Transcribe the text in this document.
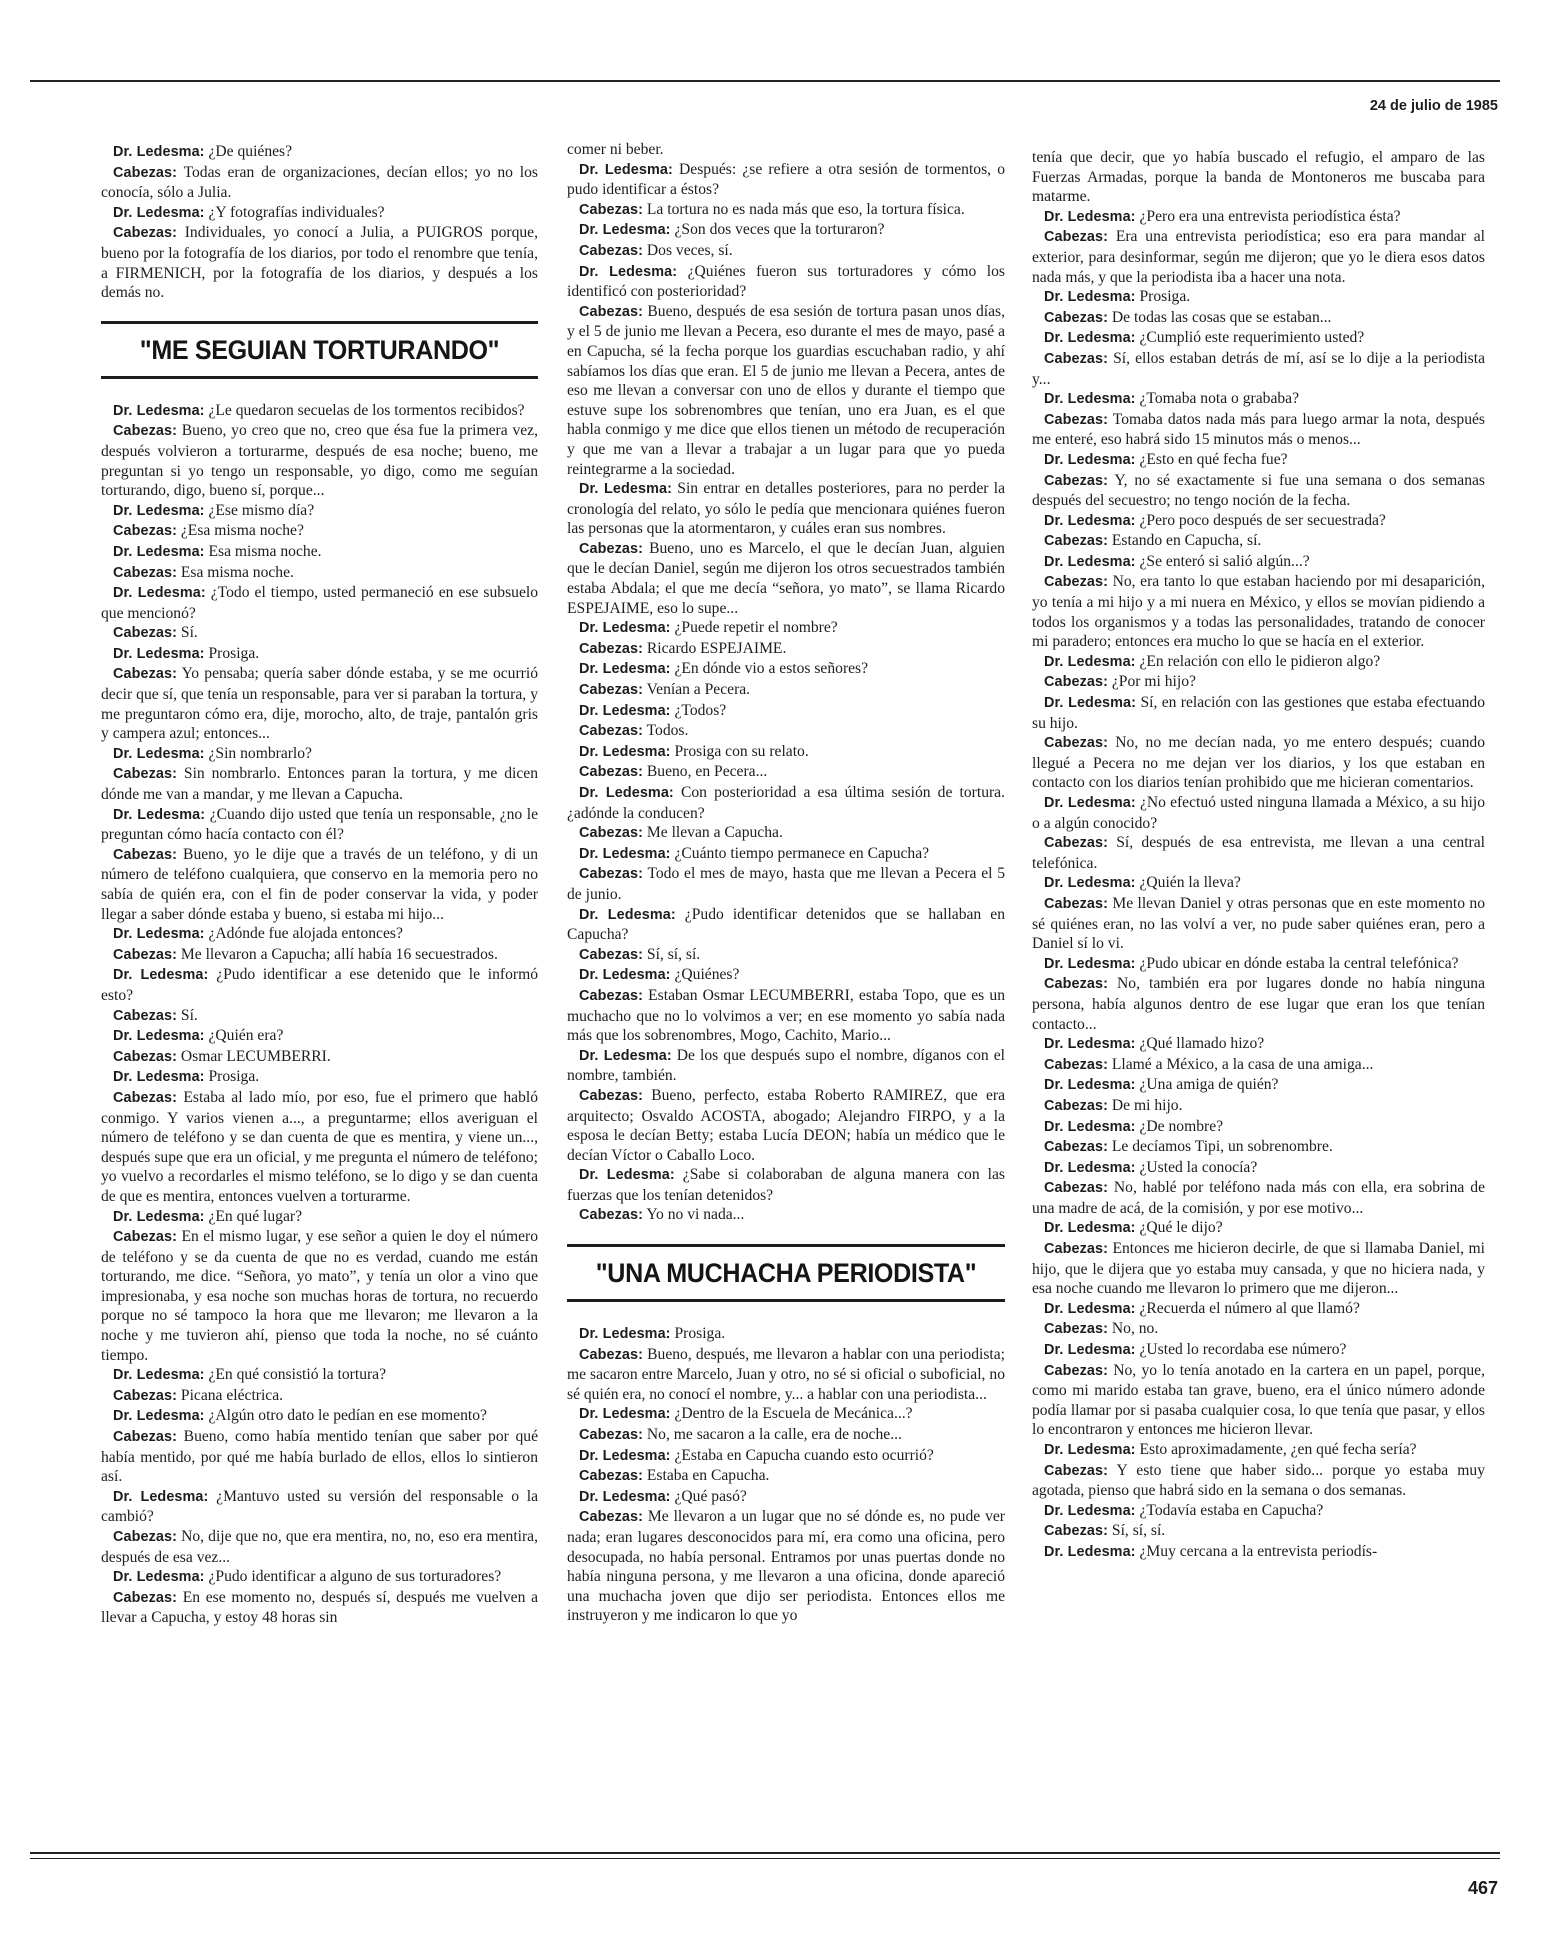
24 de julio de 1985

Dr. Ledesma: ¿De quiénes?

Cabezas: Todas eran de organizaciones, decían ellos; yo no los conocía, sólo a Julia.

Dr. Ledesma: ¿Y fotografías individuales?

Cabezas: Individuales, yo conocí a Julia, a PUIGROS porque, bueno por la fotografía de los diarios, por todo el renombre que tenía, a FIRMENICH, por la fotografía de los diarios, y después a los demás no.

"ME SEGUIAN TORTURANDO"

Dr. Ledesma: ¿Le quedaron secuelas de los tormentos recibidos?

Cabezas: Bueno, yo creo que no, creo que ésa fue la primera vez, después volvieron a torturarme, después de esa noche; bueno, me preguntan si yo tengo un responsable, yo digo, como me seguían torturando, digo, bueno sí, porque...

Dr. Ledesma: ¿Ese mismo día?

Cabezas: ¿Esa misma noche?

Dr. Ledesma: Esa misma noche.

Cabezas: Esa misma noche.

Dr. Ledesma: ¿Todo el tiempo, usted permaneció en ese subsuelo que mencionó?

Cabezas: Sí.

Dr. Ledesma: Prosiga.

Cabezas: Yo pensaba; quería saber dónde estaba, y se me ocurrió decir que sí, que tenía un responsable, para ver si paraban la tortura, y me preguntaron cómo era, dije, morocho, alto, de traje, pantalón gris y campera azul; entonces...

Dr. Ledesma: ¿Sin nombrarlo?

Cabezas: Sin nombrarlo. Entonces paran la tortura, y me dicen dónde me van a mandar, y me llevan a Capucha.

Dr. Ledesma: ¿Cuando dijo usted que tenía un responsable, ¿no le preguntan cómo hacía contacto con él?

Cabezas: Bueno, yo le dije que a través de un teléfono, y di un número de teléfono cualquiera, que conservo en la memoria pero no sabía de quién era, con el fin de poder conservar la vida, y poder llegar a saber dónde estaba y bueno, si estaba mi hijo...

Dr. Ledesma: ¿Adónde fue alojada entonces?

Cabezas: Me llevaron a Capucha; allí había 16 secuestrados.

Dr. Ledesma: ¿Pudo identificar a ese detenido que le informó esto?

Cabezas: Sí.

Dr. Ledesma: ¿Quién era?

Cabezas: Osmar LECUMBERRI.

Dr. Ledesma: Prosiga.

Cabezas: Estaba al lado mío, por eso, fue el primero que habló conmigo. Y varios vienen a..., a preguntarme; ellos averiguan el número de teléfono y se dan cuenta de que es mentira, y viene un..., después supe que era un oficial, y me pregunta el número de teléfono; yo vuelvo a recordarles el mismo teléfono, se lo digo y se dan cuenta de que es mentira, entonces vuelven a torturarme.

Dr. Ledesma: ¿En qué lugar?

Cabezas: En el mismo lugar, y ese señor a quien le doy el número de teléfono y se da cuenta de que no es verdad, cuando me están torturando, me dice. “Señora, yo mato”, y tenía un olor a vino que impresionaba, y esa noche son muchas horas de tortura, no recuerdo porque no sé tampoco la hora que me llevaron; me llevaron a la noche y me tuvieron ahí, pienso que toda la noche, no sé cuánto tiempo.

Dr. Ledesma: ¿En qué consistió la tortura?

Cabezas: Picana eléctrica.

Dr. Ledesma: ¿Algún otro dato le pedían en ese momento?

Cabezas: Bueno, como había mentido tenían que saber por qué había mentido, por qué me había burlado de ellos, ellos lo sintieron así.

Dr. Ledesma: ¿Mantuvo usted su versión del responsable o la cambió?

Cabezas: No, dije que no, que era mentira, no, no, eso era mentira, después de esa vez...

Dr. Ledesma: ¿Pudo identificar a alguno de sus torturadores?

Cabezas: En ese momento no, después sí, después me vuelven a llevar a Capucha, y estoy 48 horas sin

comer ni beber.

Dr. Ledesma: Después: ¿se refiere a otra sesión de tormentos, o pudo identificar a éstos?

Cabezas: La tortura no es nada más que eso, la tortura física.

Dr. Ledesma: ¿Son dos veces que la torturaron?

Cabezas: Dos veces, sí.

Dr. Ledesma: ¿Quiénes fueron sus torturadores y cómo los identificó con posterioridad?

Cabezas: Bueno, después de esa sesión de tortura pasan unos días, y el 5 de junio me llevan a Pecera, eso durante el mes de mayo, pasé a en Capucha, sé la fecha porque los guardias escuchaban radio, y ahí sabíamos los días que eran. El 5 de junio me llevan a Pecera, antes de eso me llevan a conversar con uno de ellos y durante el tiempo que estuve supe los sobrenombres que tenían, uno era Juan, es el que habla conmigo y me dice que ellos tienen un método de recuperación y que me van a llevar a trabajar a un lugar para que yo pueda reintegrarme a la sociedad.

Dr. Ledesma: Sin entrar en detalles posteriores, para no perder la cronología del relato, yo sólo le pedía que mencionara quiénes fueron las personas que la atormentaron, y cuáles eran sus nombres.

Cabezas: Bueno, uno es Marcelo, el que le decían Juan, alguien que le decían Daniel, según me dijeron los otros secuestrados también estaba Abdala; el que me decía “señora, yo mato”, se llama Ricardo ESPEJAIME, eso lo supe...

Dr. Ledesma: ¿Puede repetir el nombre?

Cabezas: Ricardo ESPEJAIME.

Dr. Ledesma: ¿En dónde vio a estos señores?

Cabezas: Venían a Pecera.

Dr. Ledesma: ¿Todos?

Cabezas: Todos.

Dr. Ledesma: Prosiga con su relato.

Cabezas: Bueno, en Pecera...

Dr. Ledesma: Con posterioridad a esa última sesión de tortura. ¿adónde la conducen?

Cabezas: Me llevan a Capucha.

Dr. Ledesma: ¿Cuánto tiempo permanece en Capucha?

Cabezas: Todo el mes de mayo, hasta que me llevan a Pecera el 5 de junio.

Dr. Ledesma: ¿Pudo identificar detenidos que se hallaban en Capucha?

Cabezas: Sí, sí, sí.

Dr. Ledesma: ¿Quiénes?

Cabezas: Estaban Osmar LECUMBERRI, estaba Topo, que es un muchacho que no lo volvimos a ver; en ese momento yo sabía nada más que los sobrenombres, Mogo, Cachito, Mario...

Dr. Ledesma: De los que después supo el nombre, díganos con el nombre, también.

Cabezas: Bueno, perfecto, estaba Roberto RAMIREZ, que era arquitecto; Osvaldo ACOSTA, abogado; Alejandro FIRPO, y a la esposa le decían Betty; estaba Lucía DEON; había un médico que le decían Víctor o Caballo Loco.

Dr. Ledesma: ¿Sabe si colaboraban de alguna manera con las fuerzas que los tenían detenidos?

Cabezas: Yo no vi nada...

"UNA MUCHACHA PERIODISTA"

Dr. Ledesma: Prosiga.

Cabezas: Bueno, después, me llevaron a hablar con una periodista; me sacaron entre Marcelo, Juan y otro, no sé si oficial o suboficial, no sé quién era, no conocí el nombre, y... a hablar con una periodista...

Dr. Ledesma: ¿Dentro de la Escuela de Mecánica...?

Cabezas: No, me sacaron a la calle, era de noche...

Dr. Ledesma: ¿Estaba en Capucha cuando esto ocurrió?

Cabezas: Estaba en Capucha.

Dr. Ledesma: ¿Qué pasó?

Cabezas: Me llevaron a un lugar que no sé dónde es, no pude ver nada; eran lugares desconocidos para mí, era como una oficina, pero desocupada, no había personal. Entramos por unas puertas donde no había ninguna persona, y me llevaron a una oficina, donde apareció una muchacha joven que dijo ser periodista. Entonces ellos me instruyeron y me indicaron lo que yo

tenía que decir, que yo había buscado el refugio, el amparo de las Fuerzas Armadas, porque la banda de Montoneros me buscaba para matarme.

Dr. Ledesma: ¿Pero era una entrevista periodística ésta?

Cabezas: Era una entrevista periodística; eso era para mandar al exterior, para desinformar, según me dijeron; que yo le diera esos datos nada más, y que la periodista iba a hacer una nota.

Dr. Ledesma: Prosiga.

Cabezas: De todas las cosas que se estaban...

Dr. Ledesma: ¿Cumplió este requerimiento usted?

Cabezas: Sí, ellos estaban detrás de mí, así se lo dije a la periodista y...

Dr. Ledesma: ¿Tomaba nota o grababa?

Cabezas: Tomaba datos nada más para luego armar la nota, después me enteré, eso habrá sido 15 minutos más o menos...

Dr. Ledesma: ¿Esto en qué fecha fue?

Cabezas: Y, no sé exactamente si fue una semana o dos semanas después del secuestro; no tengo noción de la fecha.

Dr. Ledesma: ¿Pero poco después de ser secuestrada?

Cabezas: Estando en Capucha, sí.

Dr. Ledesma: ¿Se enteró si salió algún...?

Cabezas: No, era tanto lo que estaban haciendo por mi desaparición, yo tenía a mi hijo y a mi nuera en México, y ellos se movían pidiendo a todos los organismos y a todas las personalidades, tratando de conocer mi paradero; entonces era mucho lo que se hacía en el exterior.

Dr. Ledesma: ¿En relación con ello le pidieron algo?

Cabezas: ¿Por mi hijo?

Dr. Ledesma: Sí, en relación con las gestiones que estaba efectuando su hijo.

Cabezas: No, no me decían nada, yo me entero después; cuando llegué a Pecera no me dejan ver los diarios, y los que estaban en contacto con los diarios tenían prohibido que me hicieran comentarios.

Dr. Ledesma: ¿No efectuó usted ninguna llamada a México, a su hijo o a algún conocido?

Cabezas: Sí, después de esa entrevista, me llevan a una central telefónica.

Dr. Ledesma: ¿Quién la lleva?

Cabezas: Me llevan Daniel y otras personas que en este momento no sé quiénes eran, no las volví a ver, no pude saber quiénes eran, pero a Daniel sí lo vi.

Dr. Ledesma: ¿Pudo ubicar en dónde estaba la central telefónica?

Cabezas: No, también era por lugares donde no había ninguna persona, había algunos dentro de ese lugar que eran los que tenían contacto...

Dr. Ledesma: ¿Qué llamado hizo?

Cabezas: Llamé a México, a la casa de una amiga...

Dr. Ledesma: ¿Una amiga de quién?

Cabezas: De mi hijo.

Dr. Ledesma: ¿De nombre?

Cabezas: Le decíamos Tipi, un sobrenombre.

Dr. Ledesma: ¿Usted la conocía?

Cabezas: No, hablé por teléfono nada más con ella, era sobrina de una madre de acá, de la comisión, y por ese motivo...

Dr. Ledesma: ¿Qué le dijo?

Cabezas: Entonces me hicieron decirle, de que si llamaba Daniel, mi hijo, que le dijera que yo estaba muy cansada, y que no hiciera nada, y esa noche cuando me llevaron lo primero que me dijeron...

Dr. Ledesma: ¿Recuerda el número al que llamó?

Cabezas: No, no.

Dr. Ledesma: ¿Usted lo recordaba ese número?

Cabezas: No, yo lo tenía anotado en la cartera en un papel, porque, como mi marido estaba tan grave, bueno, era el único número adonde podía llamar por si pasaba cualquier cosa, lo que tenía que pasar, y ellos lo encontraron y entonces me hicieron llevar.

Dr. Ledesma: Esto aproximadamente, ¿en qué fecha sería?

Cabezas: Y esto tiene que haber sido... porque yo estaba muy agotada, pienso que habrá sido en la semana o dos semanas.

Dr. Ledesma: ¿Todavía estaba en Capucha?

Cabezas: Sí, sí, sí.

Dr. Ledesma: ¿Muy cercana a la entrevista periodís-

467
